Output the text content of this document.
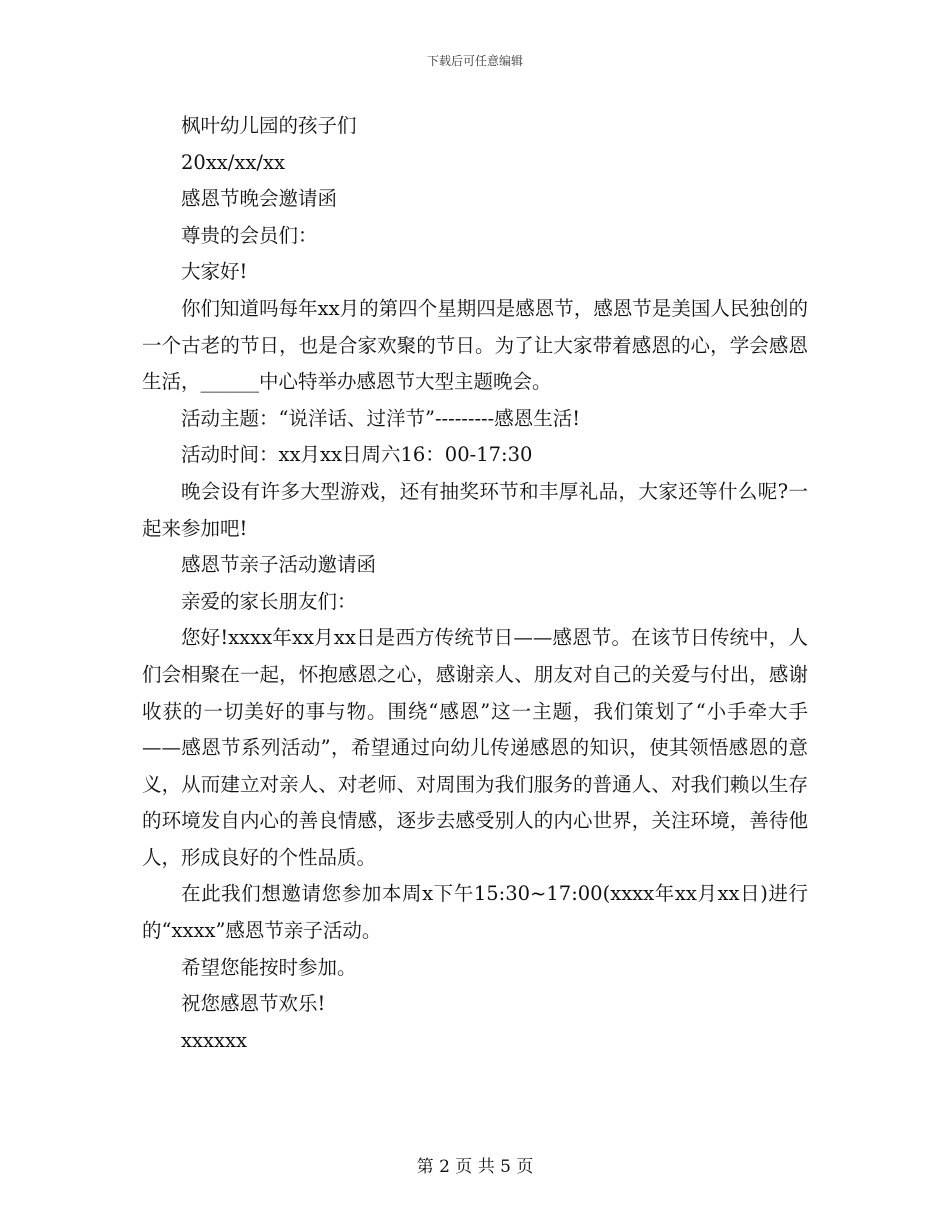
下载后可任意编辑

枫叶幼儿园的孩子们

20xx/xx/xx

感恩节晚会邀请函

尊贵的会员们：

大家好!

你们知道吗每年xx月的第四个星期四是感恩节，感恩节是美国人民独创的一个古老的节日，也是合家欢聚的节日。为了让大家带着感恩的心，学会感恩生活，______中心特举办感恩节大型主题晚会。

活动主题：“说洋话、过洋节”---------感恩生活!

活动时间：xx月xx日周六16：00-17:30

晚会设有许多大型游戏，还有抽奖环节和丰厚礼品，大家还等什么呢?一起来参加吧!

感恩节亲子活动邀请函

亲爱的家长朋友们：

您好!xxxx年xx月xx日是西方传统节日——感恩节。在该节日传统中，人们会相聚在一起，怀抱感恩之心，感谢亲人、朋友对自己的关爱与付出，感谢收获的一切美好的事与物。围绕“感恩”这一主题，我们策划了“小手牵大手——感恩节系列活动”，希望通过向幼儿传递感恩的知识，使其领悟感恩的意义，从而建立对亲人、对老师、对周围为我们服务的普通人、对我们赖以生存的环境发自内心的善良情感，逐步去感受别人的内心世界，关注环境，善待他人，形成良好的个性品质。

在此我们想邀请您参加本周x下午15:30~17:00(xxxx年xx月xx日)进行的“xxxx”感恩节亲子活动。

希望您能按时参加。

祝您感恩节欢乐!

xxxxxx

第 2 页 共 5 页
